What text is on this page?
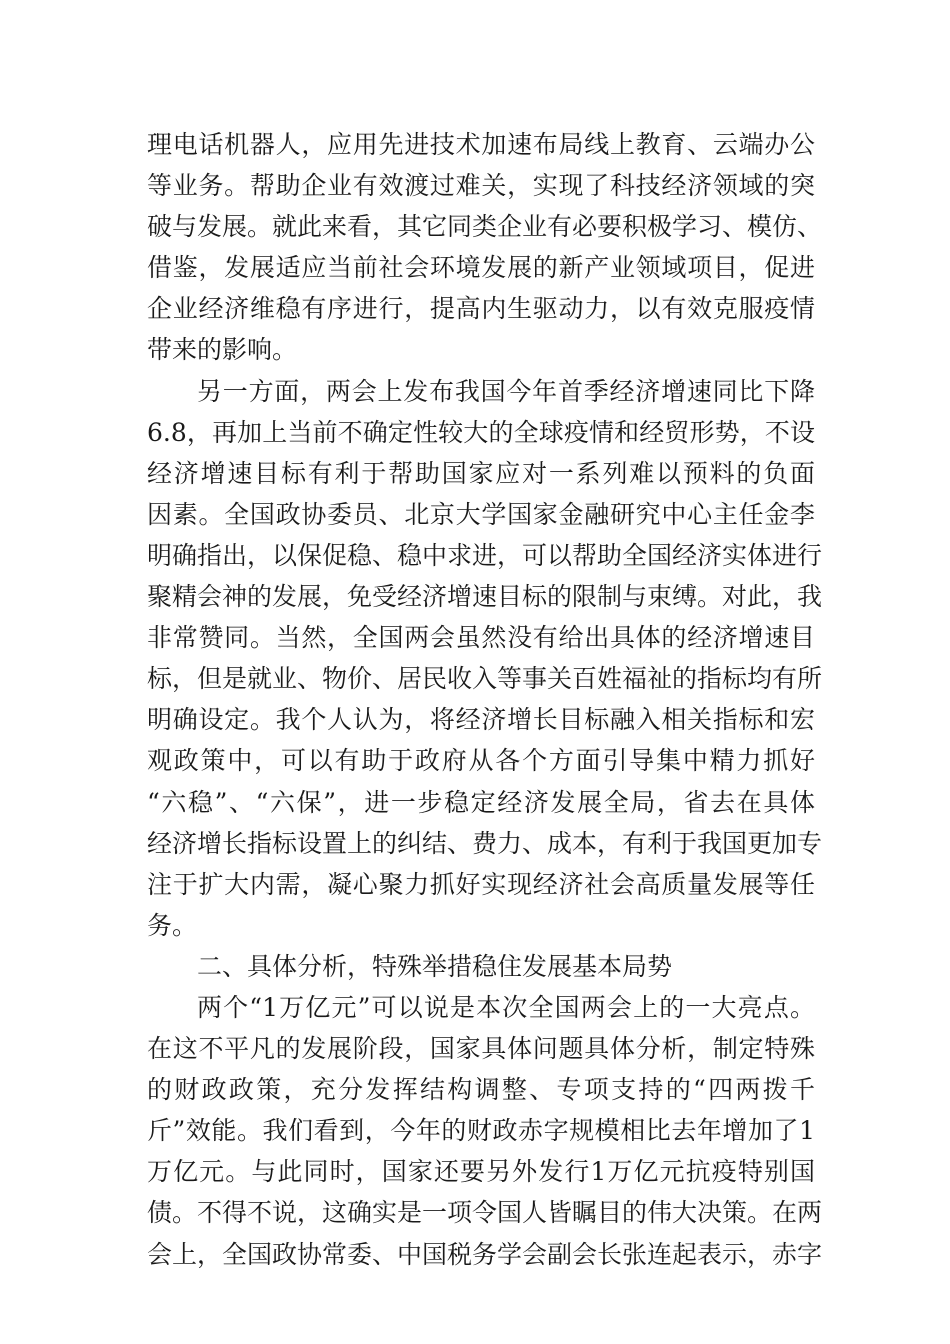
理电话机器人，应用先进技术加速布局线上教育、云端办公
等业务。帮助企业有效渡过难关，实现了科技经济领域的突
破与发展。就此来看，其它同类企业有必要积极学习、模仿、
借鉴，发展适应当前社会环境发展的新产业领域项目，促进
企业经济维稳有序进行，提高内生驱动力，以有效克服疫情
带来的影响。
另一方面，两会上发布我国今年首季经济增速同比下降
6.8，再加上当前不确定性较大的全球疫情和经贸形势，不设
经济增速目标有利于帮助国家应对一系列难以预料的负面
因素。全国政协委员、北京大学国家金融研究中心主任金李
明确指出，以保促稳、稳中求进，可以帮助全国经济实体进行
聚精会神的发展，免受经济增速目标的限制与束缚。对此，我
非常赞同。当然，全国两会虽然没有给出具体的经济增速目
标，但是就业、物价、居民收入等事关百姓福祉的指标均有所
明确设定。我个人认为，将经济增长目标融入相关指标和宏
观政策中，可以有助于政府从各个方面引导集中精力抓好
“六稳”、“六保”，进一步稳定经济发展全局，省去在具体
经济增长指标设置上的纠结、费力、成本，有利于我国更加专
注于扩大内需，凝心聚力抓好实现经济社会高质量发展等任
务。
二、具体分析，特殊举措稳住发展基本局势
两个“1万亿元”可以说是本次全国两会上的一大亮点。
在这不平凡的发展阶段，国家具体问题具体分析，制定特殊
的财政政策，充分发挥结构调整、专项支持的“四两拨千
斤”效能。我们看到，今年的财政赤字规模相比去年增加了1
万亿元。与此同时，国家还要另外发行1万亿元抗疫特别国
债。不得不说，这确实是一项令国人皆瞩目的伟大决策。在两
会上，全国政协常委、中国税务学会副会长张连起表示，赤字
